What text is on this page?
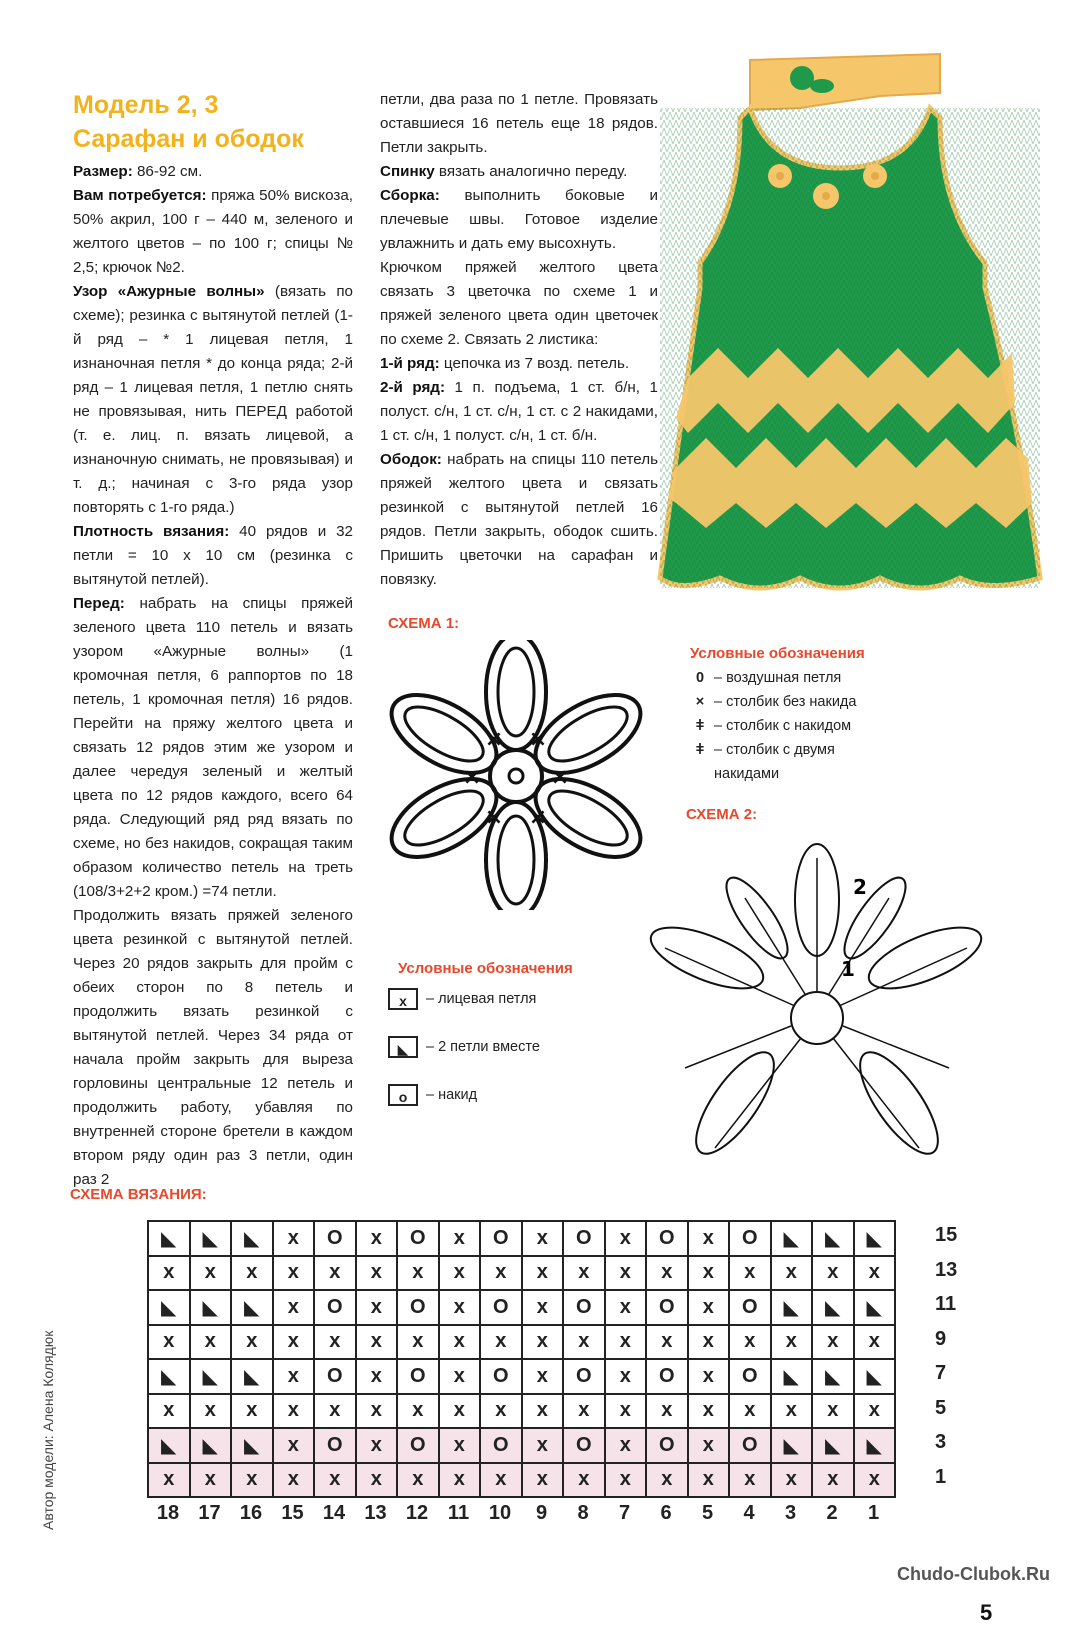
Модель 2, 3
Сарафан и ободок

Размер: 86-92 см.

Вам потребуется: пряжа 50% вискоза, 50% акрил, 100 г – 440 м, зеленого и желтого цветов – по 100 г; спицы № 2,5; крючок №2.

Узор «Ажурные волны» (вязать по схеме); резинка с вытянутой петлей (1-й ряд – * 1 лицевая петля, 1 изнаночная петля * до конца ряда; 2-й ряд – 1 лицевая петля, 1 петлю снять не провязывая, нить ПЕРЕД работой (т. е. лиц. п. вязать лицевой, а изнаночную снимать, не провязывая) и т. д.; начиная с 3-го ряда узор повторять с 1-го ряда.)

Плотность вязания: 40 рядов и 32 петли = 10 х 10 см (резинка с вытянутой петлей).

Перед: набрать на спицы пряжей зеленого цвета 110 петель и вязать узором «Ажурные волны» (1 кромочная петля, 6 раппортов по 18 петель, 1 кромочная петля) 16 рядов. Перейти на пряжу желтого цвета и связать 12 рядов этим же узором и далее чередуя зеленый и желтый цвета по 12 рядов каждого, всего 64 ряда. Следующий ряд ряд вязать по схеме, но без накидов, сокращая таким образом количество петель на треть (108/3+2+2 кром.) =74 петли.

Продолжить вязать пряжей зеленого цвета резинкой с вытянутой петлей. Через 20 рядов закрыть для пройм с обеих сторон по 8 петель и продолжить вязать резинкой с вытянутой петлей. Через 34 ряда от начала пройм закрыть для выреза горловины центральные 12 петель и продолжить работу, убавляя по внутренней стороне бретели в каждом втором ряду один раз 3 петли, один раз 2

петли, два раза по 1 петле. Провязать оставшиеся 16 петель еще 18 рядов. Петли закрыть.

Спинку вязать аналогично переду.

Сборка: выполнить боковые и плечевые швы. Готовое изделие увлажнить и дать ему высохнуть.

Крючком пряжей желтого цвета связать 3 цветочка по схеме 1 и пряжей зеленого цвета один цветочек по схеме 2. Связать 2 листика:

1-й ряд: цепочка из 7 возд. петель.

2-й ряд: 1 п. подъема, 1 ст. б/н, 1 полуст. с/н, 1 ст. с/н, 1 ст. с 2 накидами, 1 ст. с/н, 1 полуст. с/н, 1 ст. б/н.

Ободок: набрать на спицы 110 петель пряжей желтого цвета и связать резинкой с вытянутой петлей 16 рядов. Петли закрыть, ободок сшить. Пришить цветочки на сарафан и повязку.

СХЕМА 1:
× ×
×	×
× ×
Условные обозначения
0 – воздушная петля
× – столбик без накида
ǂ – столбик с накидом
ǂ – столбик с двумя
накидами
СХЕМА 2:
2
1
Условные обозначения
x – лицевая петля
◣ – 2 петли вместе
o – накид
СХЕМА ВЯЗАНИЯ:
◣	◣	◣	x	O	x	O	x	O	x	O	x	O	x	O	◣	◣	◣
x	x	x	x	x	x	x	x	x	x	x	x	x	x	x	x	x	x
◣	◣	◣	x	O	x	O	x	O	x	O	x	O	x	O	◣	◣	◣
x	x	x	x	x	x	x	x	x	x	x	x	x	x	x	x	x	x
◣	◣	◣	x	O	x	O	x	O	x	O	x	O	x	O	◣	◣	◣
x	x	x	x	x	x	x	x	x	x	x	x	x	x	x	x	x	x
◣	◣	◣	x	O	x	O	x	O	x	O	x	O	x	O	◣	◣	◣
x	x	x	x	x	x	x	x	x	x	x	x	x	x	x	x	x	x
15
13
11
9
7
5
3
1
18 17 16 15 14 13 12 11 10	9	8	7	6	5	4	3	2	1
Автор модели: Алена Колядюк
Chudo-Clubok.Ru
5
